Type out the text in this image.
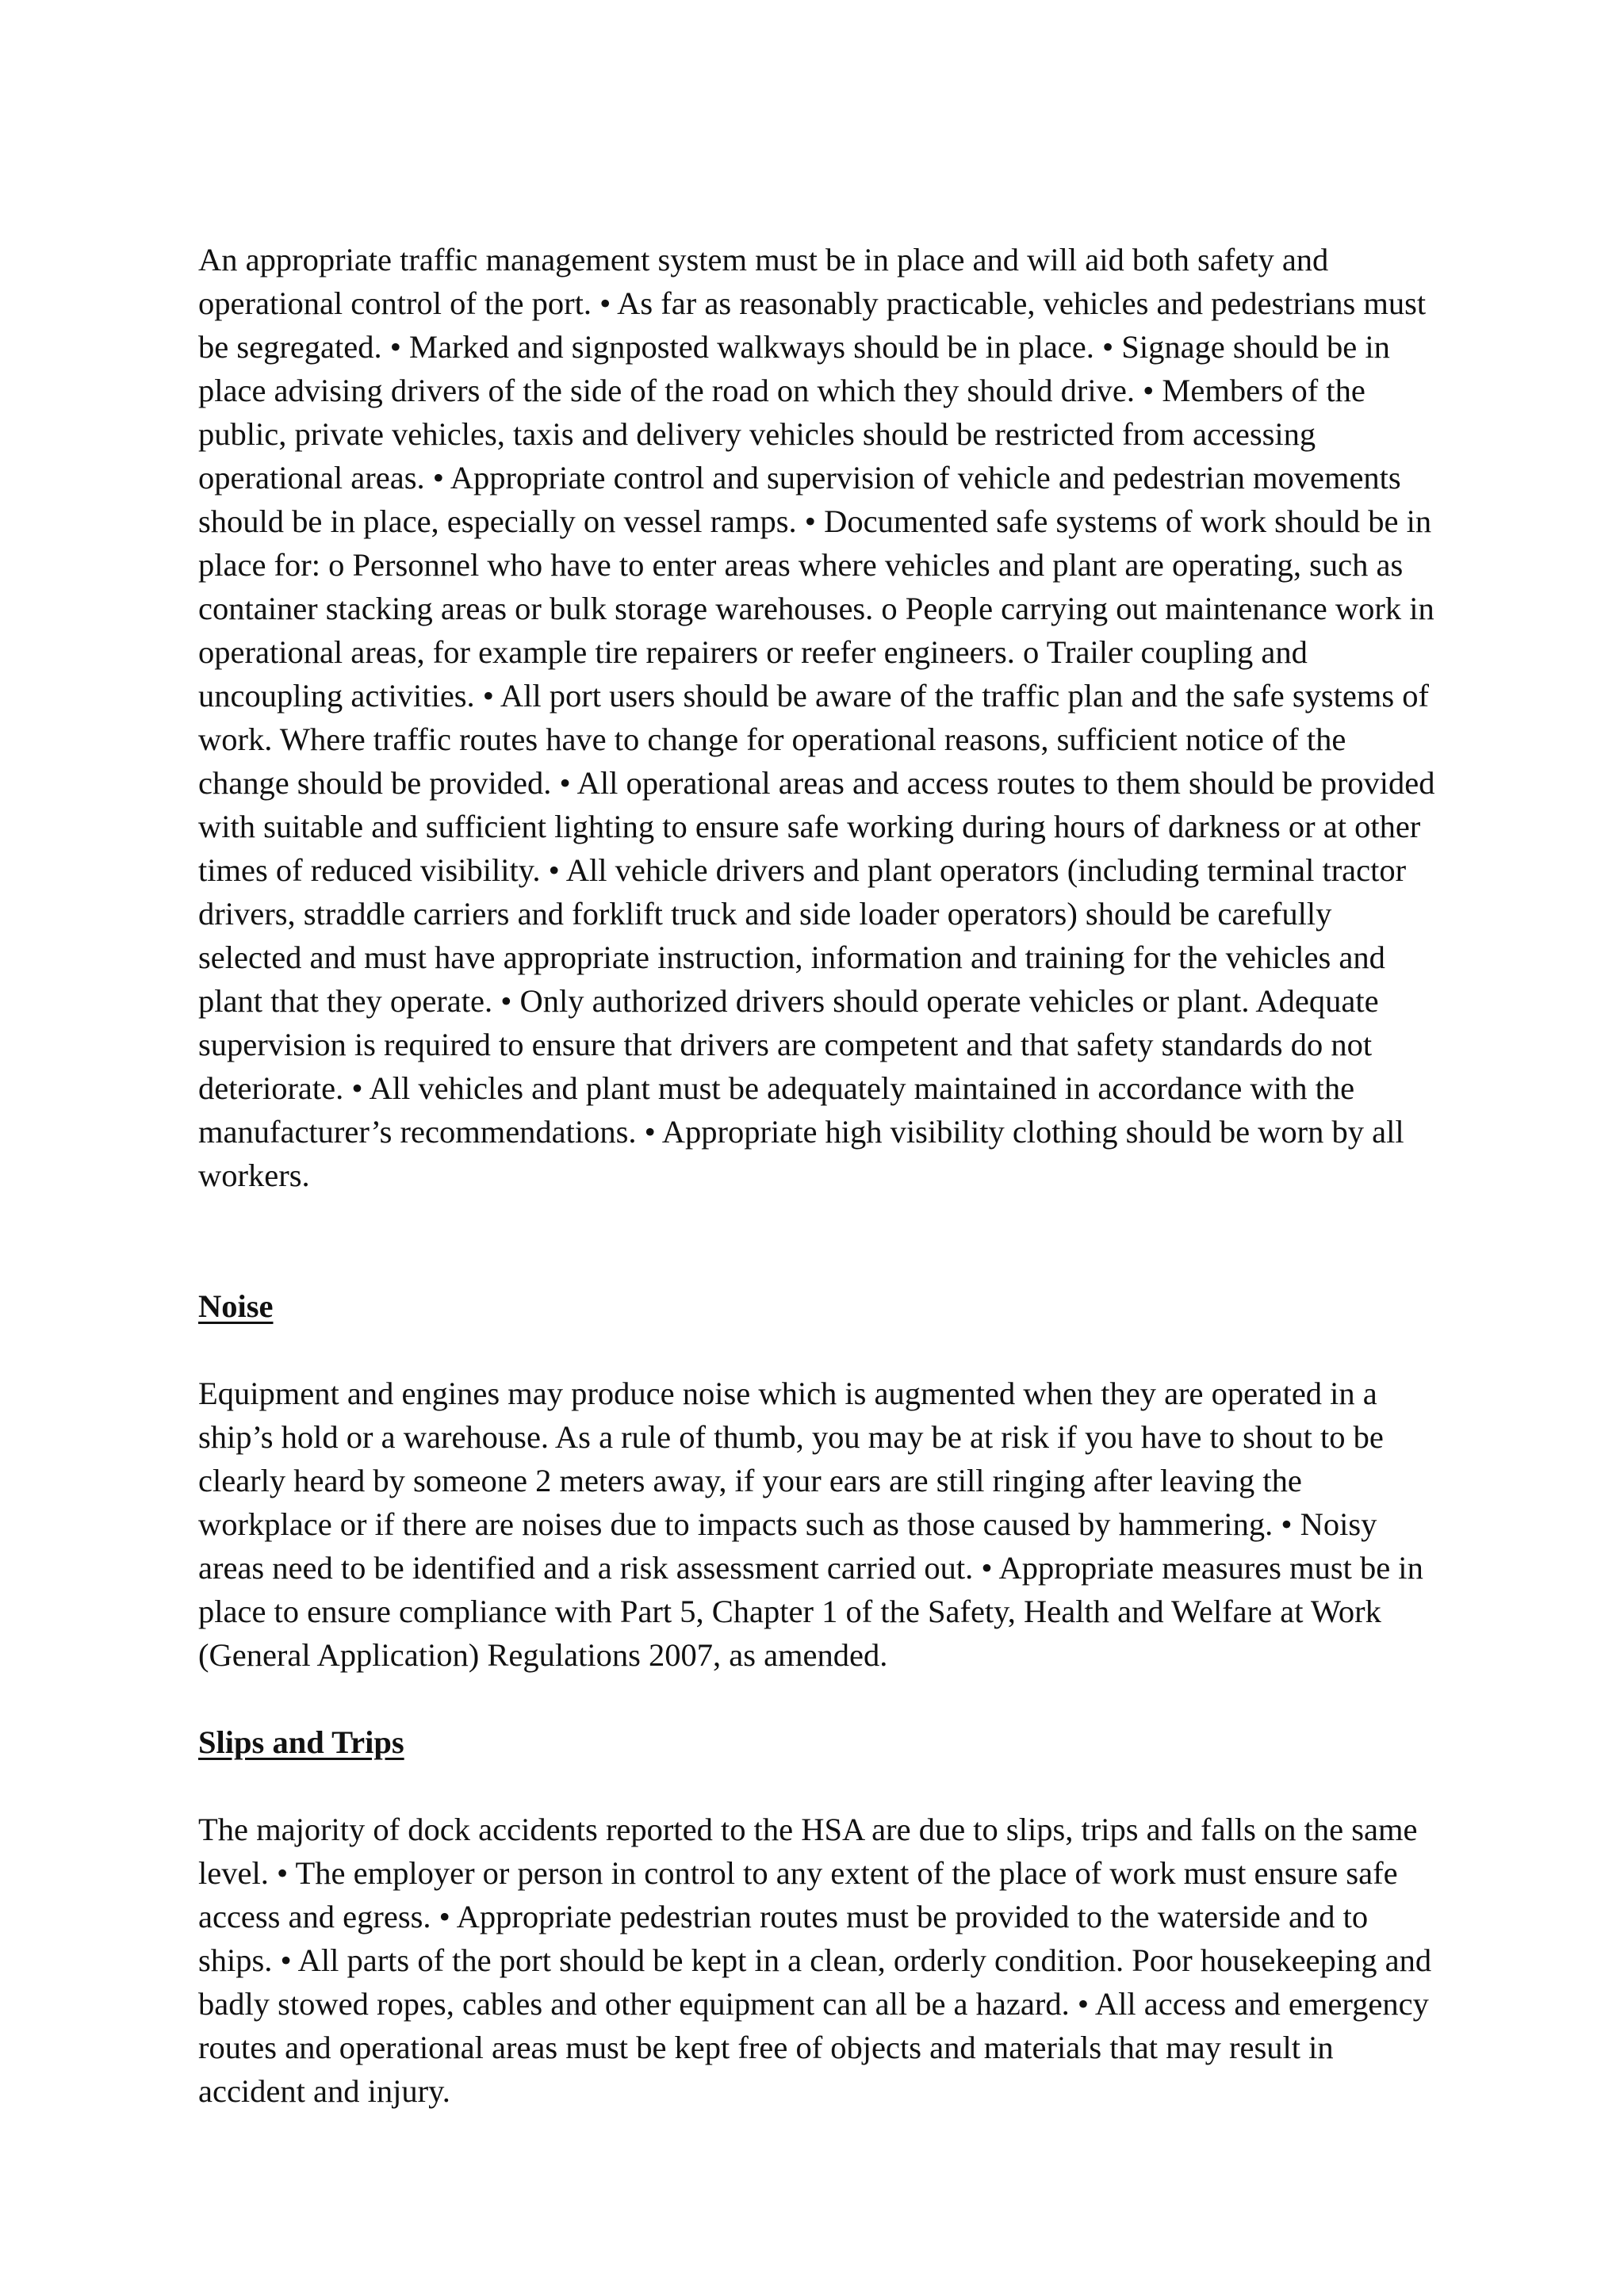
An appropriate traffic management system must be in place and will aid both safety and operational control of the port. • As far as reasonably practicable, vehicles and pedestrians must be segregated. • Marked and signposted walkways should be in place. • Signage should be in place advising drivers of the side of the road on which they should drive. • Members of the public, private vehicles, taxis and delivery vehicles should be restricted from accessing operational areas. • Appropriate control and supervision of vehicle and pedestrian movements should be in place, especially on vessel ramps. • Documented safe systems of work should be in place for: o Personnel who have to enter areas where vehicles and plant are operating, such as container stacking areas or bulk storage warehouses. o People carrying out maintenance work in operational areas, for example tire repairers or reefer engineers. o Trailer coupling and uncoupling activities. • All port users should be aware of the traffic plan and the safe systems of work. Where traffic routes have to change for operational reasons, sufficient notice of the change should be provided. • All operational areas and access routes to them should be provided with suitable and sufficient lighting to ensure safe working during hours of darkness or at other times of reduced visibility. • All vehicle drivers and plant operators (including terminal tractor drivers, straddle carriers and forklift truck and side loader operators) should be carefully selected and must have appropriate instruction, information and training for the vehicles and plant that they operate. • Only authorized drivers should operate vehicles or plant. Adequate supervision is required to ensure that drivers are competent and that safety standards do not deteriorate. • All vehicles and plant must be adequately maintained in accordance with the manufacturer’s recommendations. • Appropriate high visibility clothing should be worn by all workers.

Noise

Equipment and engines may produce noise which is augmented when they are operated in a ship’s hold or a warehouse. As a rule of thumb, you may be at risk if you have to shout to be clearly heard by someone 2 meters away, if your ears are still ringing after leaving the workplace or if there are noises due to impacts such as those caused by hammering. • Noisy areas need to be identified and a risk assessment carried out. • Appropriate measures must be in place to ensure compliance with Part 5, Chapter 1 of the Safety, Health and Welfare at Work (General Application) Regulations 2007, as amended.

Slips and Trips

The majority of dock accidents reported to the HSA are due to slips, trips and falls on the same level. • The employer or person in control to any extent of the place of work must ensure safe access and egress. • Appropriate pedestrian routes must be provided to the waterside and to ships. • All parts of the port should be kept in a clean, orderly condition. Poor housekeeping and badly stowed ropes, cables and other equipment can all be a hazard. • All access and emergency routes and operational areas must be kept free of objects and materials that may result in accident and injury.
